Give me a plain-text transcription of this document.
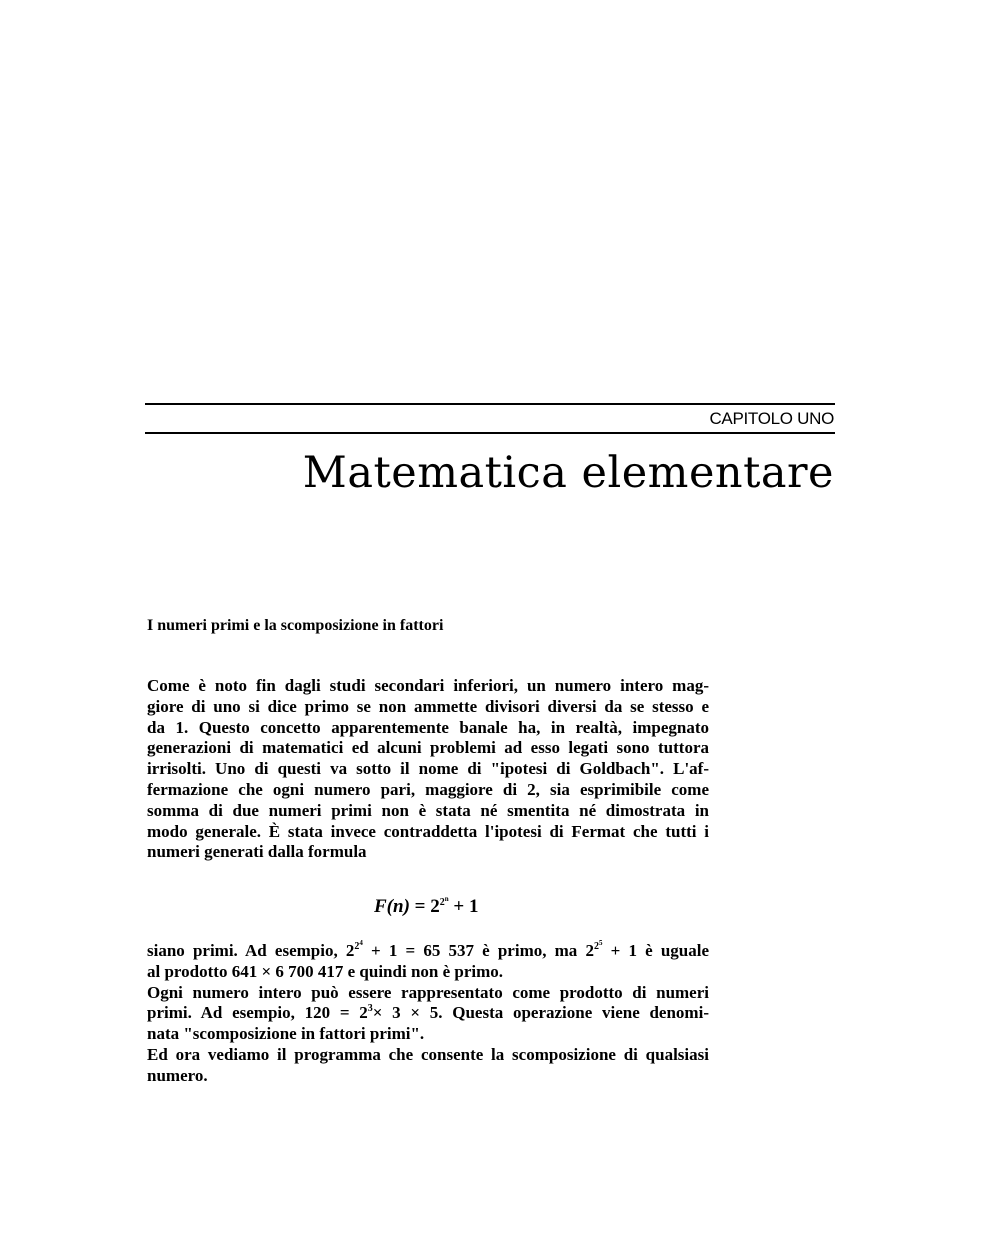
CAPITOLO UNO
Matematica elementare
I numeri primi e la scomposizione in fattori
Come è noto fin dagli studi secondari inferiori, un numero intero mag-
giore di uno si dice primo se non ammette divisori diversi da se stesso e
da 1. Questo concetto apparentemente banale ha, in realtà, impegnato
generazioni di matematici ed alcuni problemi ad esso legati sono tuttora
irrisolti. Uno di questi va sotto il nome di "ipotesi di Goldbach". L'af-
fermazione che ogni numero pari, maggiore di 2, sia esprimibile come
somma di due numeri primi non è stata né smentita né dimostrata in
modo generale. È stata invece contraddetta l'ipotesi di Fermat che tutti i
numeri generati dalla formula
$F(n) = 2^{2^n} + 1$
siano primi. Ad esempio, $2^{2^4} + 1 = 65$ 537 è primo, ma $2^{2^5} + 1$ è uguale
al prodotto 641 × 6 700 417 e quindi non è primo.
Ogni numero intero può essere rappresentato come prodotto di numeri
primi. Ad esempio, $120 = 2^3\times 3 \times 5$. Questa operazione viene denomi-
nata "scomposizione in fattori primi".
Ed ora vediamo il programma che consente la scomposizione di qualsiasi
numero.
